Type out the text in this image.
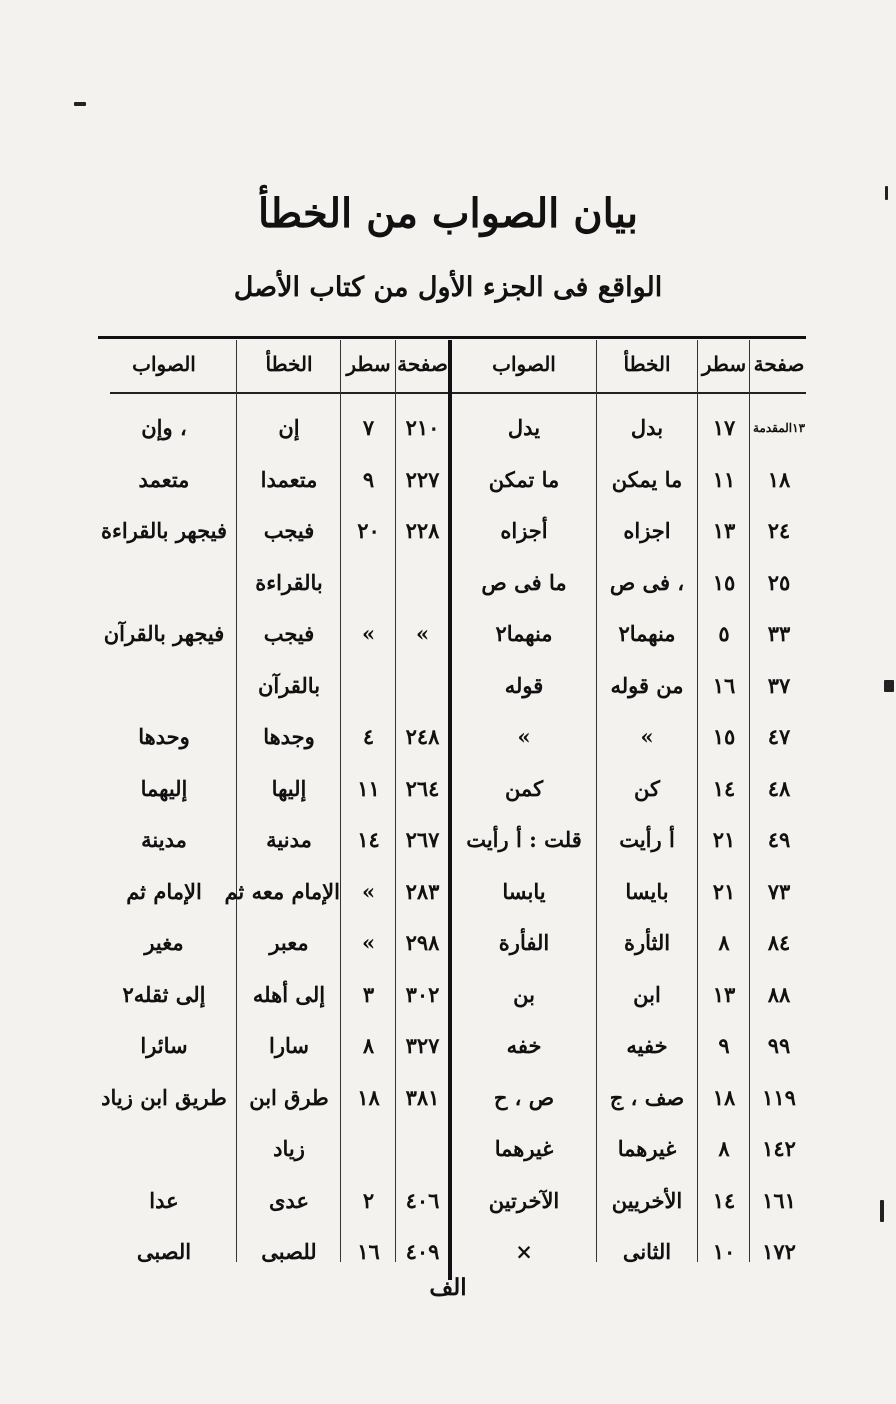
بيان الصواب من الخطأ
الواقع فى الجزء الأول من كتاب الأصل
صفحة
سطر
الخطأ
الصواب
صفحة
سطر
الخطأ
الصواب
١٣المقدمة
١٧
بدل
يدل
١٨
١١
ما يمكن
ما تمكن
٢٤
١٣
اجزاه
أجزاه
٢٥
١٥
، فى ص
ما فى ص
٣٣
٥
منهما٢
منهما٢
٣٧
١٦
من قوله
قوله
٤٧
١٥
»
»
٤٨
١٤
كن
كمن
٤٩
٢١
أ رأيت
قلت : أ رأيت
٧٣
٢١
بايسا
يابسا
٨٤
٨
الثأرة
الفأرة
٨٨
١٣
ابن
بن
٩٩
٩
خفيه
خفه
١١٩
١٨
صف ، ج
ص ، ح
١٤٢
٨
غيرهما
غيرهما
١٦١
١٤
الأخريين
الآخرتين
١٧٢
١٠
الثانى
×
٢١٠
٧
إن
، وإن
٢٢٧
٩
متعمدا
متعمد
٢٢٨
٢٠
فيجب
فيجهر بالقراءة
بالقراءة
»
»
فيجب
فيجهر بالقرآن
بالقرآن
٢٤٨
٤
وجدها
وحدها
٢٦٤
١١
إليها
إليهما
٢٦٧
١٤
مدنية
مدينة
٢٨٣
»
الإمام معه ثم
الإمام ثم
٢٩٨
»
معبر
مغير
٣٠٢
٣
إلى أهله
إلى ثقله٢
٣٢٧
٨
سارا
سائرا
٣٨١
١٨
طرق ابن
طريق ابن زياد
زياد
٤٠٦
٢
عدى
عدا
٤٠٩
١٦
للصبى
الصبى
الف
